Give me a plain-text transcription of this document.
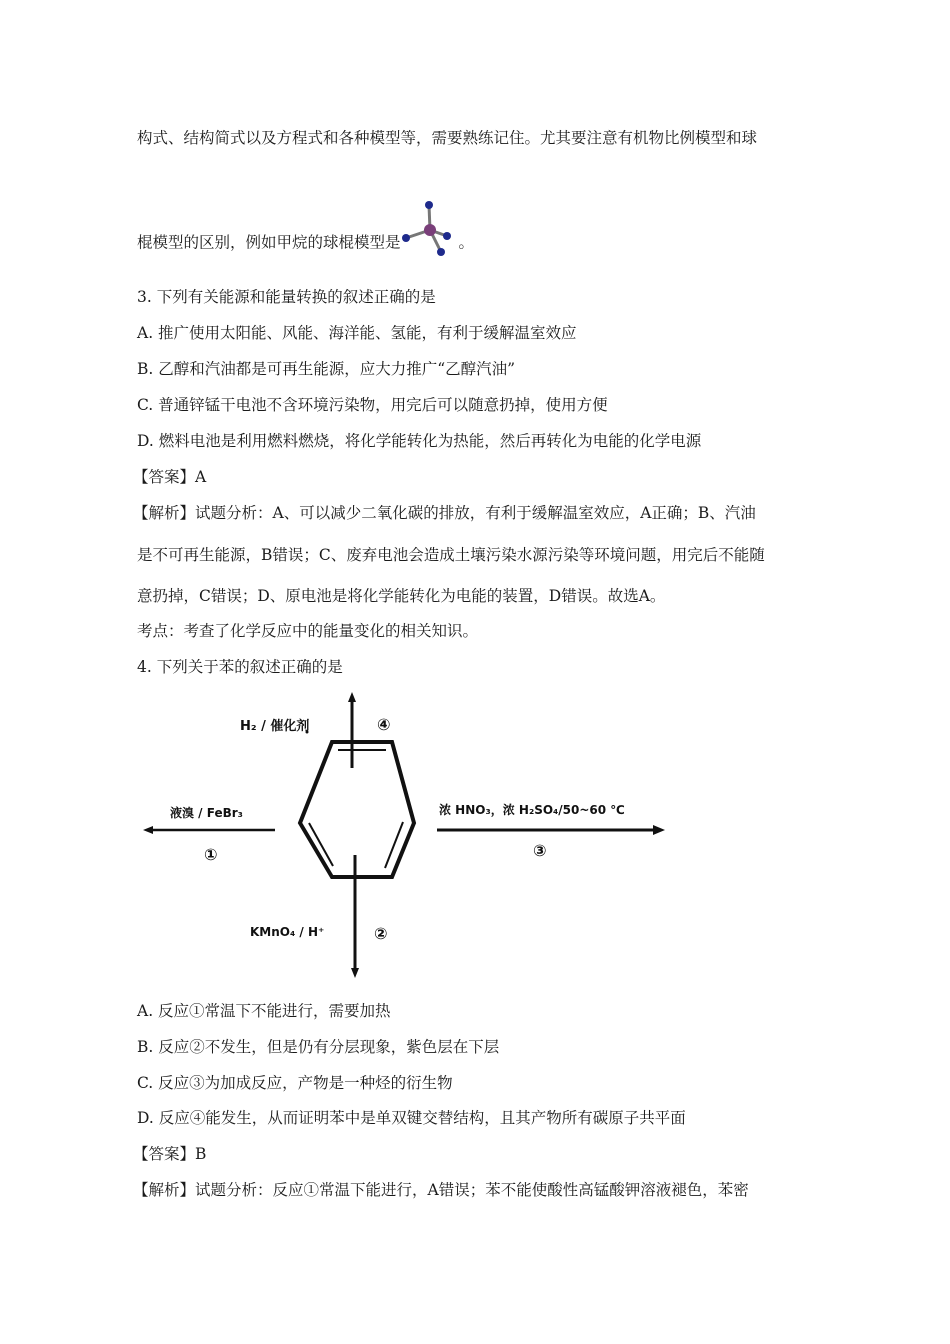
构式、结构简式以及方程式和各种模型等，需要熟练记住。尤其要注意有机物比例模型和球
棍模型的区别，例如甲烷的球棍模型是	。
3. 下列有关能源和能量转换的叙述正确的是
A. 推广使用太阳能、风能、海洋能、氢能，有利于缓解温室效应
B. 乙醇和汽油都是可再生能源，应大力推广“乙醇汽油”
C. 普通锌锰干电池不含环境污染物，用完后可以随意扔掉，使用方便
D. 燃料电池是利用燃料燃烧，将化学能转化为热能，然后再转化为电能的化学电源
【答案】A
【解析】试题分析：A、可以减少二氧化碳的排放，有利于缓解温室效应，A正确；B、汽油
是不可再生能源，B错误；C、废弃电池会造成土壤污染水源污染等环境问题，用完后不能随
意扔掉，C错误；D、原电池是将化学能转化为电能的装置，D错误。故选A。
考点：考查了化学反应中的能量变化的相关知识。
4. 下列关于苯的叙述正确的是
H₂ / 催化剂	④
液溴 / FeBr₃
①
浓 HNO₃，浓 H₂SO₄/50~60 ℃
③
KMnO₄ / H⁺	②
A. 反应①常温下不能进行，需要加热
B. 反应②不发生，但是仍有分层现象，紫色层在下层
C. 反应③为加成反应，产物是一种烃的衍生物
D. 反应④能发生，从而证明苯中是单双键交替结构，且其产物所有碳原子共平面
【答案】B
【解析】试题分析：反应①常温下能进行，A错误；苯不能使酸性高锰酸钾溶液褪色，苯密
